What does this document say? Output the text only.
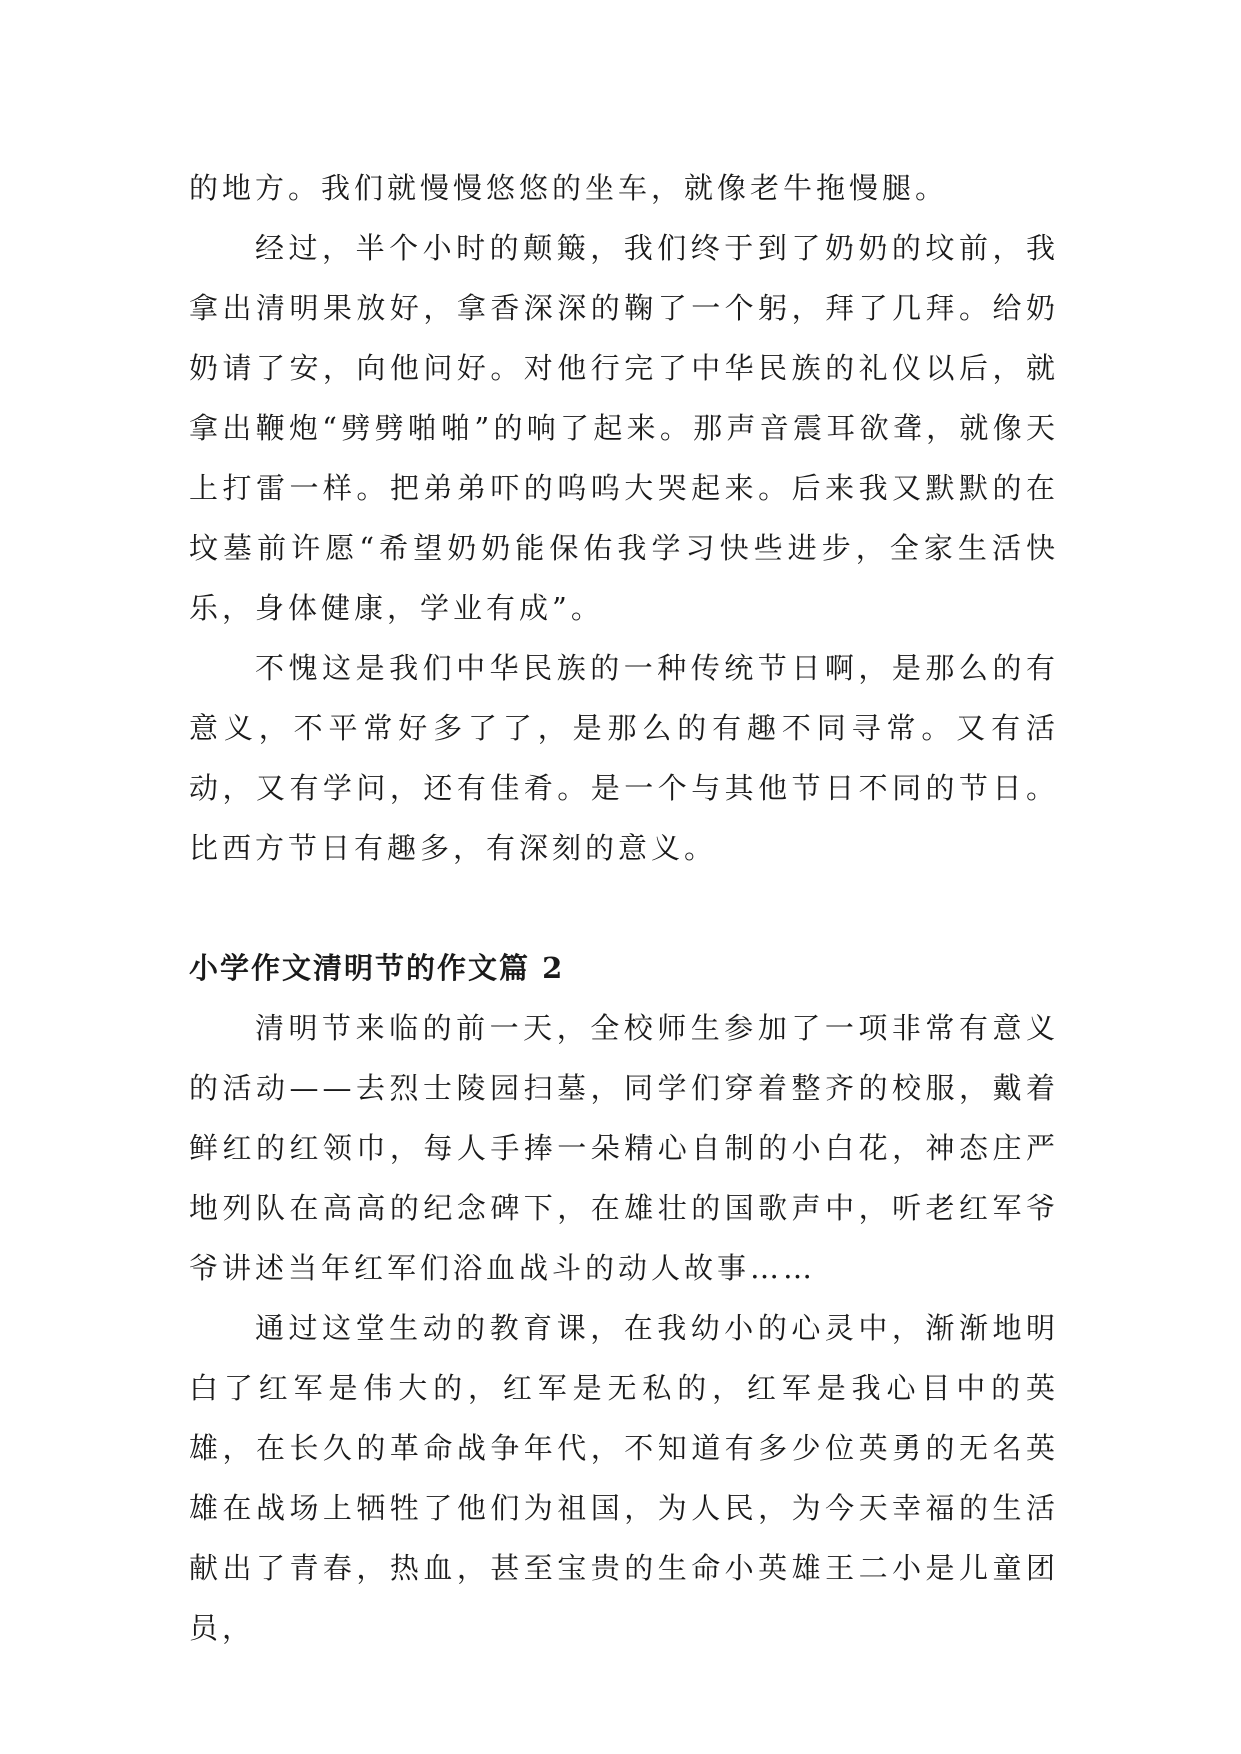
的地方。我们就慢慢悠悠的坐车，就像老牛拖慢腿。

经过，半个小时的颠簸，我们终于到了奶奶的坟前，我拿出清明果放好，拿香深深的鞠了一个躬，拜了几拜。给奶奶请了安，向他问好。对他行完了中华民族的礼仪以后，就拿出鞭炮“劈劈啪啪”的响了起来。那声音震耳欲聋，就像天上打雷一样。把弟弟吓的呜呜大哭起来。后来我又默默的在坟墓前许愿“希望奶奶能保佑我学习快些进步，全家生活快乐，身体健康，学业有成”。

不愧这是我们中华民族的一种传统节日啊，是那么的有意义，不平常好多了了，是那么的有趣不同寻常。又有活动，又有学问，还有佳肴。是一个与其他节日不同的节日。比西方节日有趣多，有深刻的意义。

小学作文清明节的作文篇 2

清明节来临的前一天，全校师生参加了一项非常有意义的活动——去烈士陵园扫墓，同学们穿着整齐的校服，戴着鲜红的红领巾，每人手捧一朵精心自制的小白花，神态庄严地列队在高高的纪念碑下，在雄壮的国歌声中，听老红军爷爷讲述当年红军们浴血战斗的动人故事……

通过这堂生动的教育课，在我幼小的心灵中，渐渐地明白了红军是伟大的，红军是无私的，红军是我心目中的英雄，在长久的革命战争年代，不知道有多少位英勇的无名英雄在战场上牺牲了他们为祖国，为人民，为今天幸福的生活献出了青春，热血，甚至宝贵的生命小英雄王二小是儿童团员，
